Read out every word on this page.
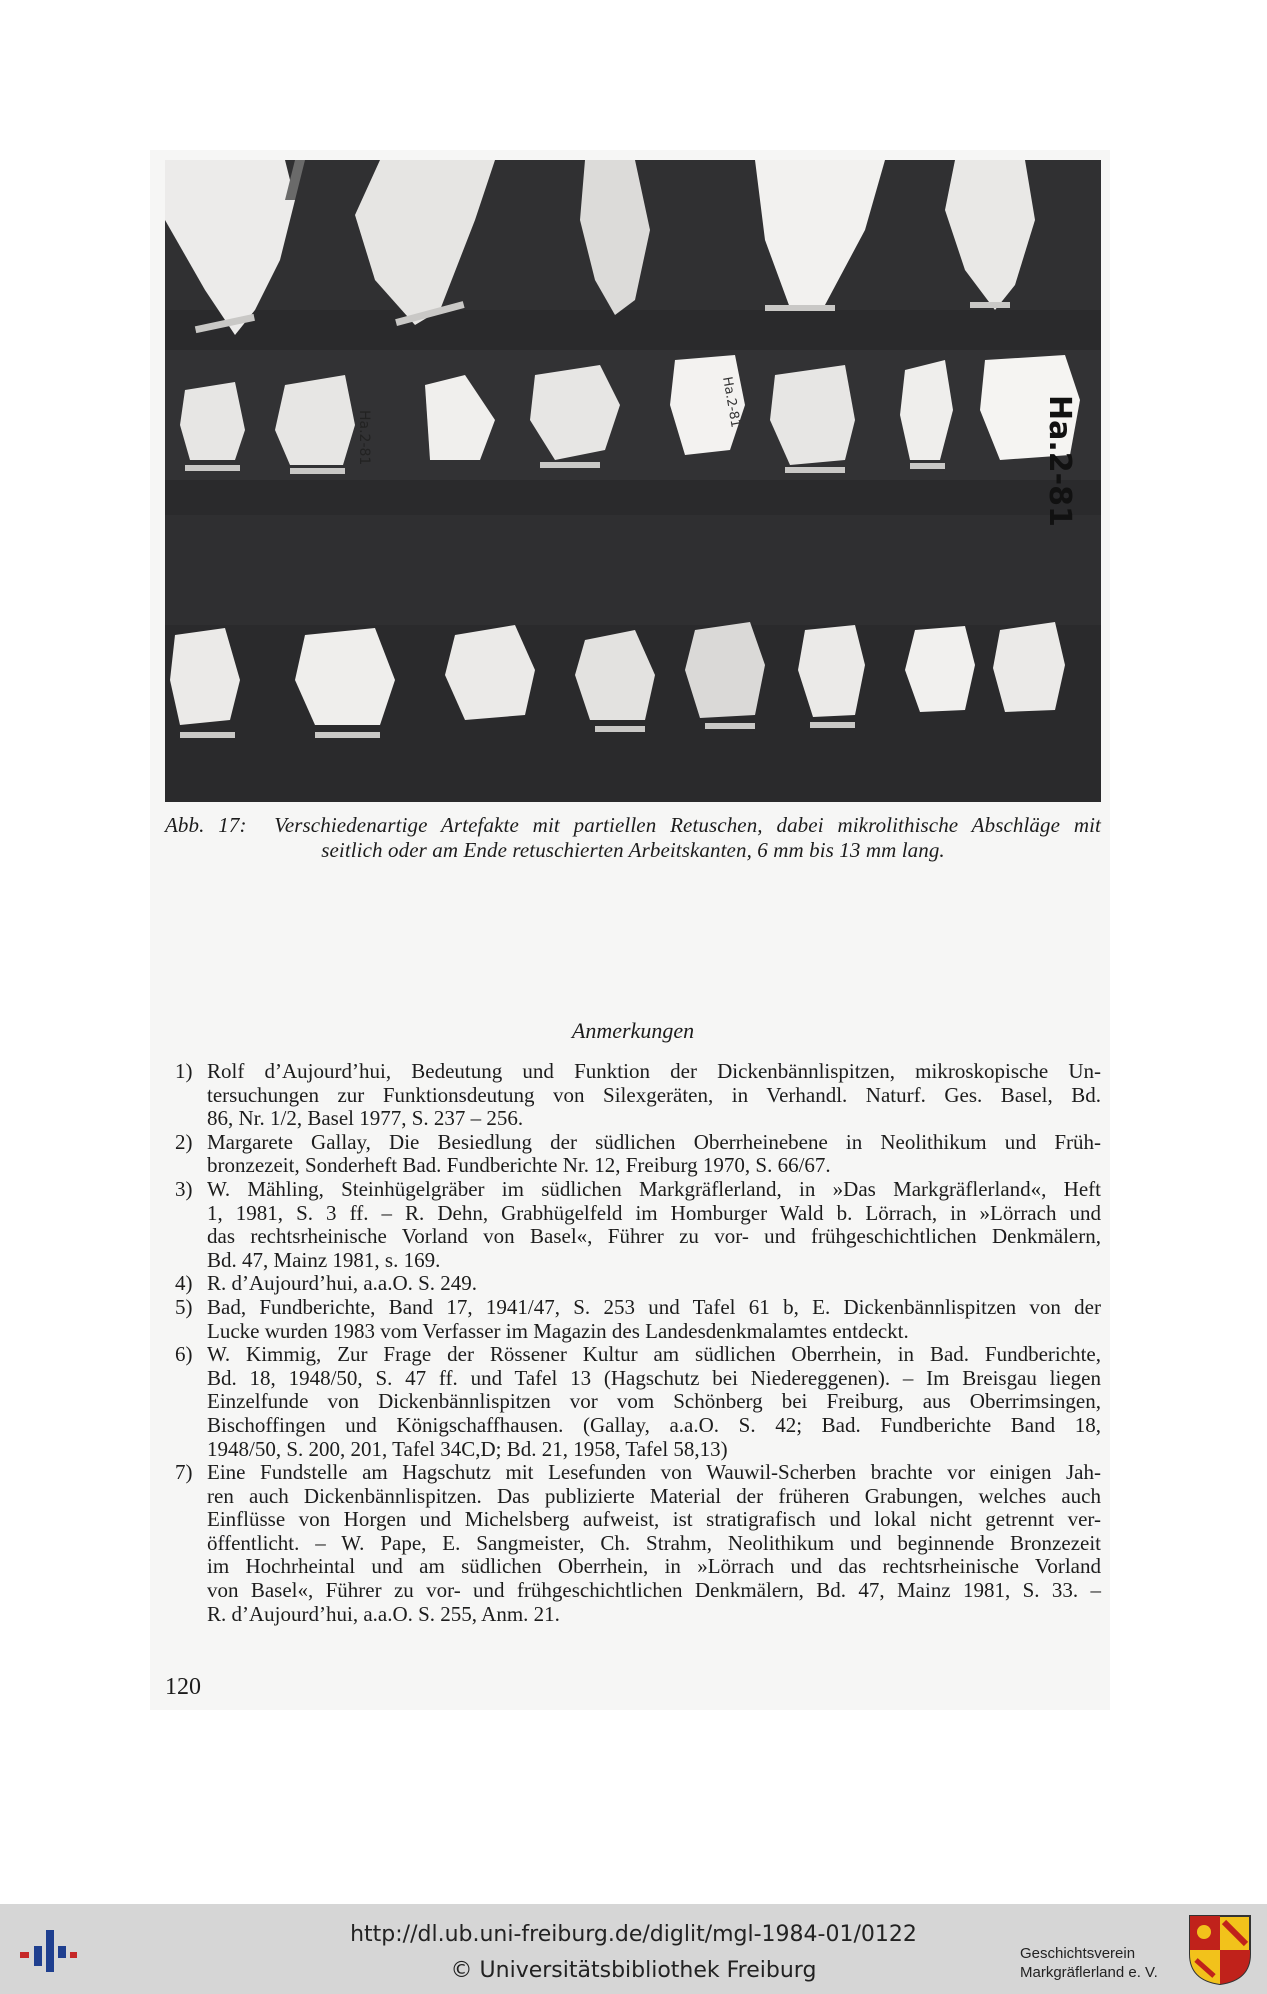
Ha.2-81
Ha.2-81
Ha.2-81
Abb. 17: Verschiedenartige Artefakte mit partiellen Retuschen, dabei mikrolithische Abschläge mit
seitlich oder am Ende retuschierten Arbeitskanten, 6 mm bis 13 mm lang.
Anmerkungen
1) Rolf d’Aujourd’hui, Bedeutung und Funktion der Dickenbännlispitzen, mikroskopische Un-
tersuchungen zur Funktionsdeutung von Silexgeräten, in Verhandl. Naturf. Ges. Basel, Bd.
86, Nr. 1/2, Basel 1977, S. 237 – 256.
2) Margarete Gallay, Die Besiedlung der südlichen Oberrheinebene in Neolithikum und Früh-
bronzezeit, Sonderheft Bad. Fundberichte Nr. 12, Freiburg 1970, S. 66/67.
3) W. Mähling, Steinhügelgräber im südlichen Markgräflerland, in »Das Markgräflerland«, Heft
1, 1981, S. 3 ff. – R. Dehn, Grabhügelfeld im Homburger Wald b. Lörrach, in »Lörrach und
das rechtsrheinische Vorland von Basel«, Führer zu vor- und frühgeschichtlichen Denkmälern,
Bd. 47, Mainz 1981, s. 169.
4) R. d’Aujourd’hui, a.a.O. S. 249.
5) Bad, Fundberichte, Band 17, 1941/47, S. 253 und Tafel 61 b, E. Dickenbännlispitzen von der
Lucke wurden 1983 vom Verfasser im Magazin des Landesdenkmalamtes entdeckt.
6) W. Kimmig, Zur Frage der Rössener Kultur am südlichen Oberrhein, in Bad. Fundberichte,
Bd. 18, 1948/50, S. 47 ff. und Tafel 13 (Hagschutz bei Niedereggenen). – Im Breisgau liegen
Einzelfunde von Dickenbännlispitzen vor vom Schönberg bei Freiburg, aus Oberrimsingen,
Bischoffingen und Königschaffhausen. (Gallay, a.a.O. S. 42; Bad. Fundberichte Band 18,
1948/50, S. 200, 201, Tafel 34C,D; Bd. 21, 1958, Tafel 58,13)
7) Eine Fundstelle am Hagschutz mit Lesefunden von Wauwil-Scherben brachte vor einigen Jah-
ren auch Dickenbännlispitzen. Das publizierte Material der früheren Grabungen, welches auch
Einflüsse von Horgen und Michelsberg aufweist, ist stratigrafisch und lokal nicht getrennt ver-
öffentlicht. – W. Pape, E. Sangmeister, Ch. Strahm, Neolithikum und beginnende Bronzezeit
im Hochrheintal und am südlichen Oberrhein, in »Lörrach und das rechtsrheinische Vorland
von Basel«, Führer zu vor- und frühgeschichtlichen Denkmälern, Bd. 47, Mainz 1981, S. 33. –
R. d’Aujourd’hui, a.a.O. S. 255, Anm. 21.
120
http://dl.ub.uni-freiburg.de/diglit/mgl-1984-01/0122
© Universitätsbibliothek Freiburg
Geschichtsverein
Markgräflerland e. V.
